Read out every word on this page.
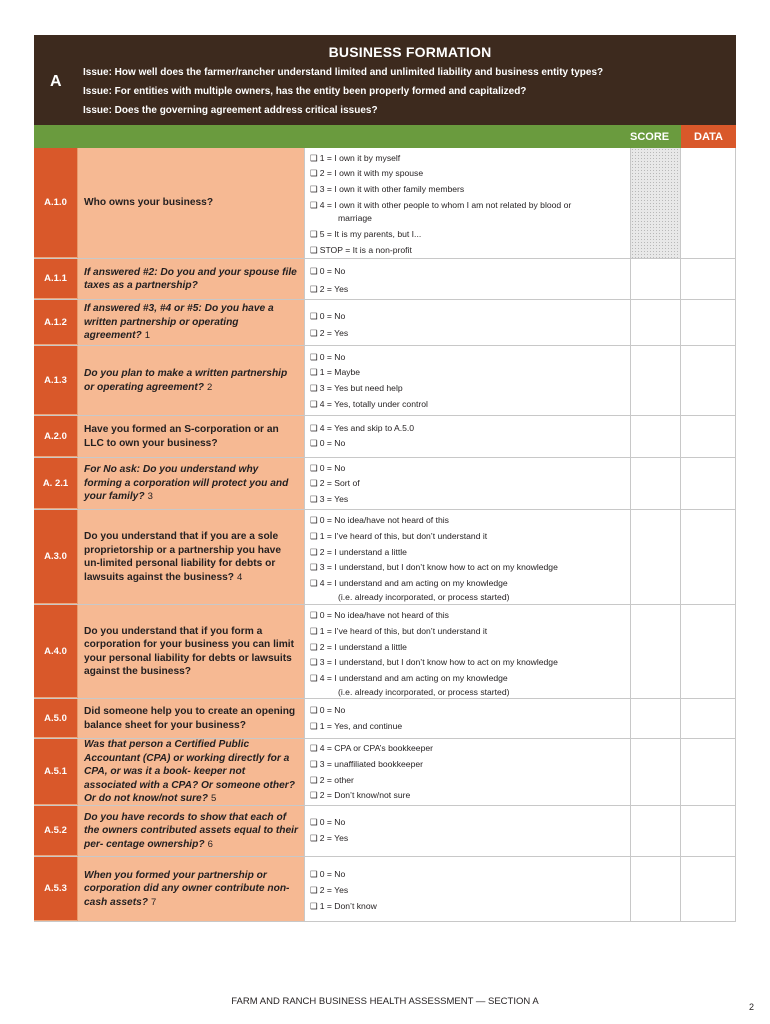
A
BUSINESS FORMATION
Issue: How well does the farmer/rancher understand limited and unlimited liability and business entity types?
Issue: For entities with multiple owners, has the entity been properly formed and capitalized?
Issue: Does the governing agreement address critical issues?
SCORE	DATA
A.1.0	Who owns your business?
❑ 1 = I own it by myself
❑ 2 = I own it with my spouse
❑ 3 = I own it with other family members
❑ 4 = I own it with other people to whom I am not related by blood or
marriage
❑ 5 = It is my parents, but I...
❑ STOP = It is a non-profit
A.1.1
If answered #2: Do you and your spouse file taxes as a partnership?
❑ 0 = No
❑ 2 = Yes
A.1.2
If answered #3, #4 or #5: Do you have a written partnership or operating agreement? 1
❑ 0 = No
❑ 2 = Yes
A.1.3
Do you plan to make a written partnership or operating agreement? 2
❑ 0 = No
❑ 1 = Maybe
❑ 3 = Yes but need help
❑ 4 = Yes, totally under control
A.2.0
Have you formed an S-corporation or an LLC to own your business?
❑ 4 = Yes and skip to A.5.0
❑ 0 = No
A. 2.1
For No ask: Do you understand why forming a corporation will protect you and your family? 3
❑ 0 = No
❑ 2 = Sort of
❑ 3 = Yes
A.3.0
Do you understand that if you are a sole proprietorship or a partnership you have un-limited personal liability for debts or lawsuits against the business? 4
❑ 0 = No idea/have not heard of this
❑ 1 = I’ve heard of this, but don’t understand it
❑ 2 = I understand a little
❑ 3 = I understand, but I don’t know how to act on my knowledge
❑ 4 = I understand and am acting on my knowledge
(i.e. already incorporated, or process started)
A.4.0
Do you understand that if you form a corporation for your business you can limit your personal liability for debts or lawsuits against the business?
❑ 0 = No idea/have not heard of this
❑ 1 = I’ve heard of this, but don’t understand it
❑ 2 = I understand a little
❑ 3 = I understand, but I don’t know how to act on my knowledge
❑ 4 = I understand and am acting on my knowledge
(i.e. already incorporated, or process started)
A.5.0
Did someone help you to create an opening balance sheet for your business?
❑ 0 = No
❑ 1 = Yes, and continue
A.5.1
Was that person a Certified Public Accountant (CPA) or working directly for a CPA, or was it a book- keeper not associated with a CPA? Or someone other? Or do not know/not sure? 5
❑ 4 = CPA or CPA’s bookkeeper
❑ 3 = unaffiliated bookkeeper
❑ 2 = other
❑ 2 = Don’t know/not sure
A.5.2
Do you have records to show that each of the owners contributed assets equal to their per- centage ownership? 6
❑ 0 = No
❑ 2 = Yes
A.5.3
When you formed your partnership or corporation did any owner contribute non-cash assets? 7
❑ 0 = No
❑ 2 = Yes
❑ 1 = Don’t know
FARM AND RANCH BUSINESS HEALTH ASSESSMENT — SECTION A	2
